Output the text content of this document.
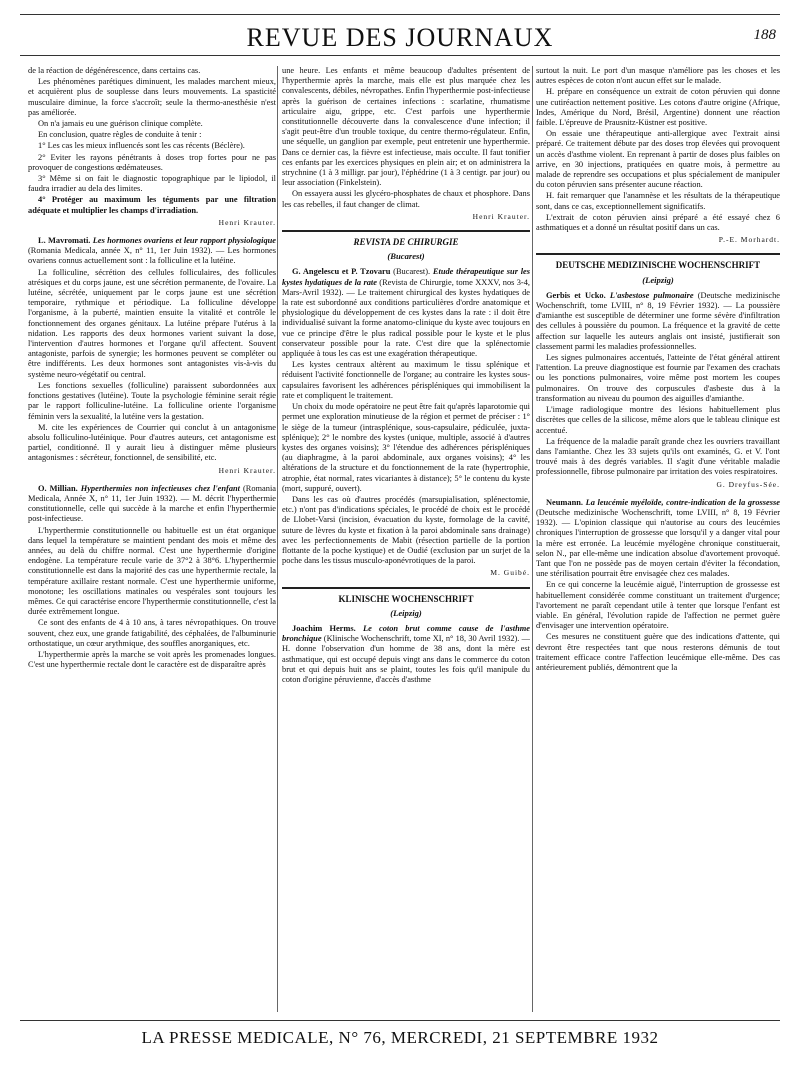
REVUE DES JOURNAUX	188

de la réaction de dégénérescence, dans certains cas.

Les phénomènes parétiques diminuent, les malades marchent mieux, et acquièrent plus de souplesse dans leurs mouvements. La spasticité musculaire diminue, la force s'accroît; seule la thermo-anesthésie n'est pas améliorée.

On n'a jamais eu une guérison clinique complète.

En conclusion, quatre règles de conduite à tenir :

1° Les cas les mieux influencés sont les cas récents (Béclère).

2° Eviter les rayons pénétrants à doses trop fortes pour ne pas provoquer de congestions œdémateuses.

3° Même si on fait le diagnostic topographique par le lipiodol, il faudra irradier au dela des limites.

4° Protéger au maximum les téguments par une filtration adéquate et multiplier les champs d'irradiation.

Henri Krauter.

L. Mavromati. Les hormones ovariens et leur rapport physiologique (Romania Medicala, année X, n° 11, 1er Juin 1932). — Les hormones ovariens connus actuellement sont : la folliculine et la lutéine.

La folliculine, sécrétion des cellules folliculaires, des follicules atrésiques et du corps jaune, est une sécrétion permanente, de l'ovaire. La lutéine, sécrétée, uniquement par le corps jaune est une sécrétion temporaire, rythmique et périodique. La folliculine développe l'organisme, à la puberté, maintien ensuite la vitalité et contrôle le fonctionnement des organes génitaux. La lutéine prépare l'utérus à la nidation. Les rapports des deux hormones varient suivant la dose, l'intervention d'autres hormones et l'organe qu'il affectent. Souvent antagoniste, parfois de synergie; les hormones peuvent se compléter ou être indifférents. Les deux hormones sont antagonistes vis-à-vis du système neuro-végétatif ou central.

Les fonctions sexuelles (folliculine) paraissent subordonnées aux fonctions gestatives (lutéine). Toute la psychologie féminine serait régie par le rapport folliculine-lutéine. La folliculine oriente l'organisme féminin vers la sexualité, la lutéine vers la gestation.

M. cite les expériences de Courrier qui conclut à un antagonisme absolu folliculino-lutéinique. Pour d'autres auteurs, cet antagonisme est partiel, conditionné. Il y aurait lieu à distinguer même plusieurs antagonismes : sécréteur, fonctionnel, de sensibilité, etc.

Henri Krauter.

O. Millian. Hyperthermies non infectieuses chez l'enfant (Romania Medicala, Année X, n° 11, 1er Juin 1932). — M. décrit l'hyperthermie constitutionnelle, celle qui succède à la marche et enfin l'hyperthermie post-infectieuse.

L'hyperthermie constitutionnelle ou habituelle est un état organique dans lequel la température se maintient pendant des mois et même des années, au delà du chiffre normal. C'est une hyperthermie d'origine endogène. La température recule varie de 37°2 à 38°6. L'hyperthermie constitutionnelle est dans la majorité des cas une hyperthermie rectale, la température axillaire restant normale. C'est une hyperthermie uniforme, monotone; les oscillations matinales ou vespérales sont toujours les mêmes. Ce qui caractérise encore l'hyperthermie constitutionnelle, c'est la durée extrêmement longue.

Ce sont des enfants de 4 à 10 ans, à tares névropathiques. On trouve souvent, chez eux, une grande fatigabilité, des céphalées, de l'albuminurie orthostatique, un cœur arythmique, des souffles anorganiques, etc.

L'hyperthermie après la marche se voit après les promenades longues. C'est une hyperthermie rectale dont le caractère est de disparaître après

une heure. Les enfants et même beaucoup d'adultes présentent de l'hyperthermie après la marche, mais elle est plus marquée chez les convalescents, débiles, névropathes. Enfin l'hyperthermie post-infectieuse après la guérison de certaines infections : scarlatine, rhumatisme articulaire aigu, grippe, etc. C'est parfois une hyperthermie constitutionnelle découverte dans la convalescence d'une infection; il s'agit peut-être d'un trouble toxique, du centre thermo-régulateur. Enfin, une séquelle, un ganglion par exemple, peut entretenir une hyperthermie. Dans ce dernier cas, la fièvre est infectieuse, mais occulte. Il faut tonifier ces enfants par les exercices physiques en plein air; et on administrera la strychnine (1 à 3 milligr. par jour), l'éphédrine (1 à 3 centigr. par jour) ou leur association (Finkelstein).

On essayera aussi les glycéro-phosphates de chaux et phosphore. Dans les cas rebelles, il faut changer de climat.

Henri Krauter.
REVISTA DE CHIRURGIE
(Bucarest)

G. Angelescu et P. Tzovaru (Bucarest). Etude thérapeutique sur les kystes hydatiques de la rate (Revista de Chirurgie, tome XXXV, nos 3-4, Mars-Avril 1932). — Le traitement chirurgical des kystes hydatiques de la rate est subordonné aux conditions particulières d'ordre anatomique et physiologique du développement de ces kystes dans la rate : il doit être individualisé suivant la forme anatomo-clinique du kyste avec toujours en vue ce principe d'être le plus radical possible pour le kyste et le plus conservateur possible pour la rate. C'est dire que la splénectomie appliquée à tous les cas est une exagération thérapeutique.

Les kystes centraux altèrent au maximum le tissu splénique et réduisent l'activité fonctionnelle de l'organe; au contraire les kystes sous-capsulaires favorisent les adhérences périspléniques qui immobilisent la rate et compliquent le traitement.

Un choix du mode opératoire ne peut être fait qu'après laparotomie qui permet une exploration minutieuse de la région et permet de préciser : 1° le siège de la tumeur (intrasplénique, sous-capsulaire, pédiculée, juxta-splénique); 2° le nombre des kystes (unique, multiple, associé à d'autres kystes des organes voisins); 3° l'étendue des adhérences périspléniques (au diaphragme, à la paroi abdominale, aux organes voisins); 4° les altérations de la structure et du fonctionnement de la rate (hypertrophie, atrophie, état normal, rates vicariantes à distance); 5° le contenu du kyste (mort, suppuré, ouvert).

Dans les cas où d'autres procédés (marsupialisation, splénectomie, etc.) n'ont pas d'indications spéciales, le procédé de choix est le procédé de Llobet-Varsi (incision, évacuation du kyste, formolage de la cavité, suture de lèvres du kyste et fixation à la paroi abdominale sans drainage) avec les perfectionnements de Mabit (résection partielle de la portion flottante de la poche kystique) et de Oudié (exclusion par un surjet de la poche dans les tissus musculo-aponévrotiques de la paroi.

M. Guibé.
KLINISCHE WOCHENSCHRIFT
(Leipzig)

Joachim Herms. Le coton brut comme cause de l'asthme bronchique (Klinische Wochenschrift, tome XI, n° 18, 30 Avril 1932). — H. donne l'observation d'un homme de 38 ans, dont la mère est asthmatique, qui est occupé depuis vingt ans dans le commerce du coton brut et qui depuis huit ans se plaint, toutes les fois qu'il manipule du coton d'origine péruvienne, d'accès d'asthme

surtout la nuit. Le port d'un masque n'améliore pas les choses et les autres espèces de coton n'ont aucun effet sur le malade.

H. prépare en conséquence un extrait de coton péruvien qui donne une cutiréaction nettement positive. Les cotons d'autre origine (Afrique, Indes, Amérique du Nord, Brésil, Argentine) donnent une réaction faible. L'épreuve de Prausnitz-Küstner est positive.

On essaie une thérapeutique anti-allergique avec l'extrait ainsi préparé. Ce traitement débute par des doses trop élevées qui provoquent un accès d'asthme violent. En reprenant à partir de doses plus faibles on arrive, en 30 injections, pratiquées en quatre mois, à permettre au malade de reprendre ses occupations et plus spécialement de manipuler du coton péruvien sans présenter aucune réaction.

H. fait remarquer que l'anamnèse et les résultats de la thérapeutique sont, dans ce cas, exceptionnellement significatifs.

L'extrait de coton péruvien ainsi préparé a été essayé chez 6 asthmatiques et a donné un résultat positif dans un cas.

P.-E. Morhardt.
DEUTSCHE MEDIZINISCHE WOCHENSCHRIFT
(Leipzig)

Gerbis et Ucko. L'asbestose pulmonaire (Deutsche medizinische Wochenschrift, tome LVIII, n° 8, 19 Février 1932). — La poussière d'amianthe est susceptible de déterminer une forme sévère d'infiltration des cellules à poussière du poumon. La fréquence et la gravité de cette affection sur laquelle les auteurs anglais ont insisté, justifierait son classement parmi les maladies professionnelles.

Les signes pulmonaires accentués, l'atteinte de l'état général attirent l'attention. La preuve diagnostique est fournie par l'examen des crachats ou les ponctions pulmonaires, voire même post mortem les coupes pulmonaires. On trouve des corpuscules d'asbeste dus à la transformation au niveau du poumon des aiguilles d'amianthe.

L'image radiologique montre des lésions habituellement plus discrètes que celles de la silicose, même alors que le tableau clinique est accentué.

La fréquence de la maladie paraît grande chez les ouvriers travaillant dans l'amianthe. Chez les 33 sujets qu'ils ont examinés, G. et V. l'ont trouvé mais à des degrés variables. Il s'agit d'une véritable maladie professionnelle, fibrose pulmonaire par irritation des voies respiratoires.

G. Dreyfus-Sée.

Neumann. La leucémie myéloïde, contre-indication de la grossesse (Deutsche medizinische Wochenschrift, tome LVIII, n° 8, 19 Février 1932). — L'opinion classique qui n'autorise au cours des leucémies chroniques l'interruption de grossesse que lorsqu'il y a danger vital pour la mère est erronée. La leucémie myélogène chronique constituerait, selon N., par elle-même une indication absolue d'avortement provoqué. Tant que l'on ne possède pas de moyen certain d'éviter la fécondation, une stérilisation pourrait être envisagée chez ces malades.

En ce qui concerne la leucémie aiguë, l'interruption de grossesse est habituellement considérée comme constituant un traitement d'urgence; l'avortement ne paraît cependant utile à tenter que lorsque l'enfant est viable. En général, l'évolution rapide de l'affection ne permet guère d'envisager une intervention opératoire.

Ces mesures ne constituent guère que des indications d'attente, qui devront être respectées tant que nous resterons démunis de tout traitement efficace contre l'affection leucémique elle-même. Des cas antérieurement publiés, démontrent que la

LA PRESSE MEDICALE, N° 76, MERCREDI, 21 SEPTEMBRE 1932
